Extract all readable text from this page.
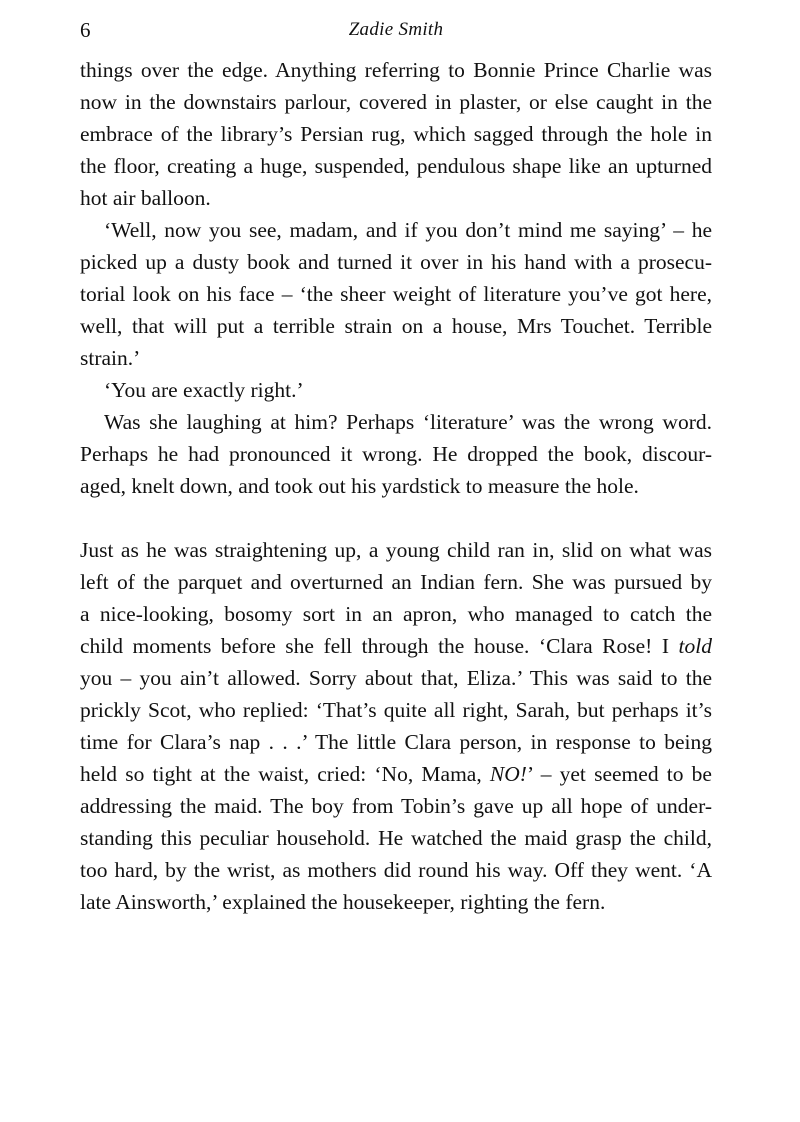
6	Zadie Smith

things over the edge. Anything referring to Bonnie Prince Charlie was
now in the downstairs parlour, covered in plaster, or else caught in the
embrace of the library’s Persian rug, which sagged through the hole in
the floor, creating a huge, suspended, pendulous shape like an upturned
hot air balloon.

‘Well, now you see, madam, and if you don’t mind me saying’ – he
picked up a dusty book and turned it over in his hand with a prosecu-
torial look on his face – ‘the sheer weight of literature you’ve got here,
well, that will put a terrible strain on a house, Mrs Touchet. Terrible
strain.’

‘You are exactly right.’

Was she laughing at him? Perhaps ‘literature’ was the wrong word.
Perhaps he had pronounced it wrong. He dropped the book, discour-
aged, knelt down, and took out his yardstick to measure the hole.

Just as he was straightening up, a young child ran in, slid on what was
left of the parquet and overturned an Indian fern. She was pursued by
a nice-looking, bosomy sort in an apron, who managed to catch the
child moments before she fell through the house. ‘Clara Rose! I told
you – you ain’t allowed. Sorry about that, Eliza.’ This was said to the
prickly Scot, who replied: ‘That’s quite all right, Sarah, but perhaps it’s
time for Clara’s nap . . .’ The little Clara person, in response to being
held so tight at the waist, cried: ‘No, Mama, NO!’ – yet seemed to be
addressing the maid. The boy from Tobin’s gave up all hope of under-
standing this peculiar household. He watched the maid grasp the child,
too hard, by the wrist, as mothers did round his way. Off they went. ‘A
late Ainsworth,’ explained the housekeeper, righting the fern.
